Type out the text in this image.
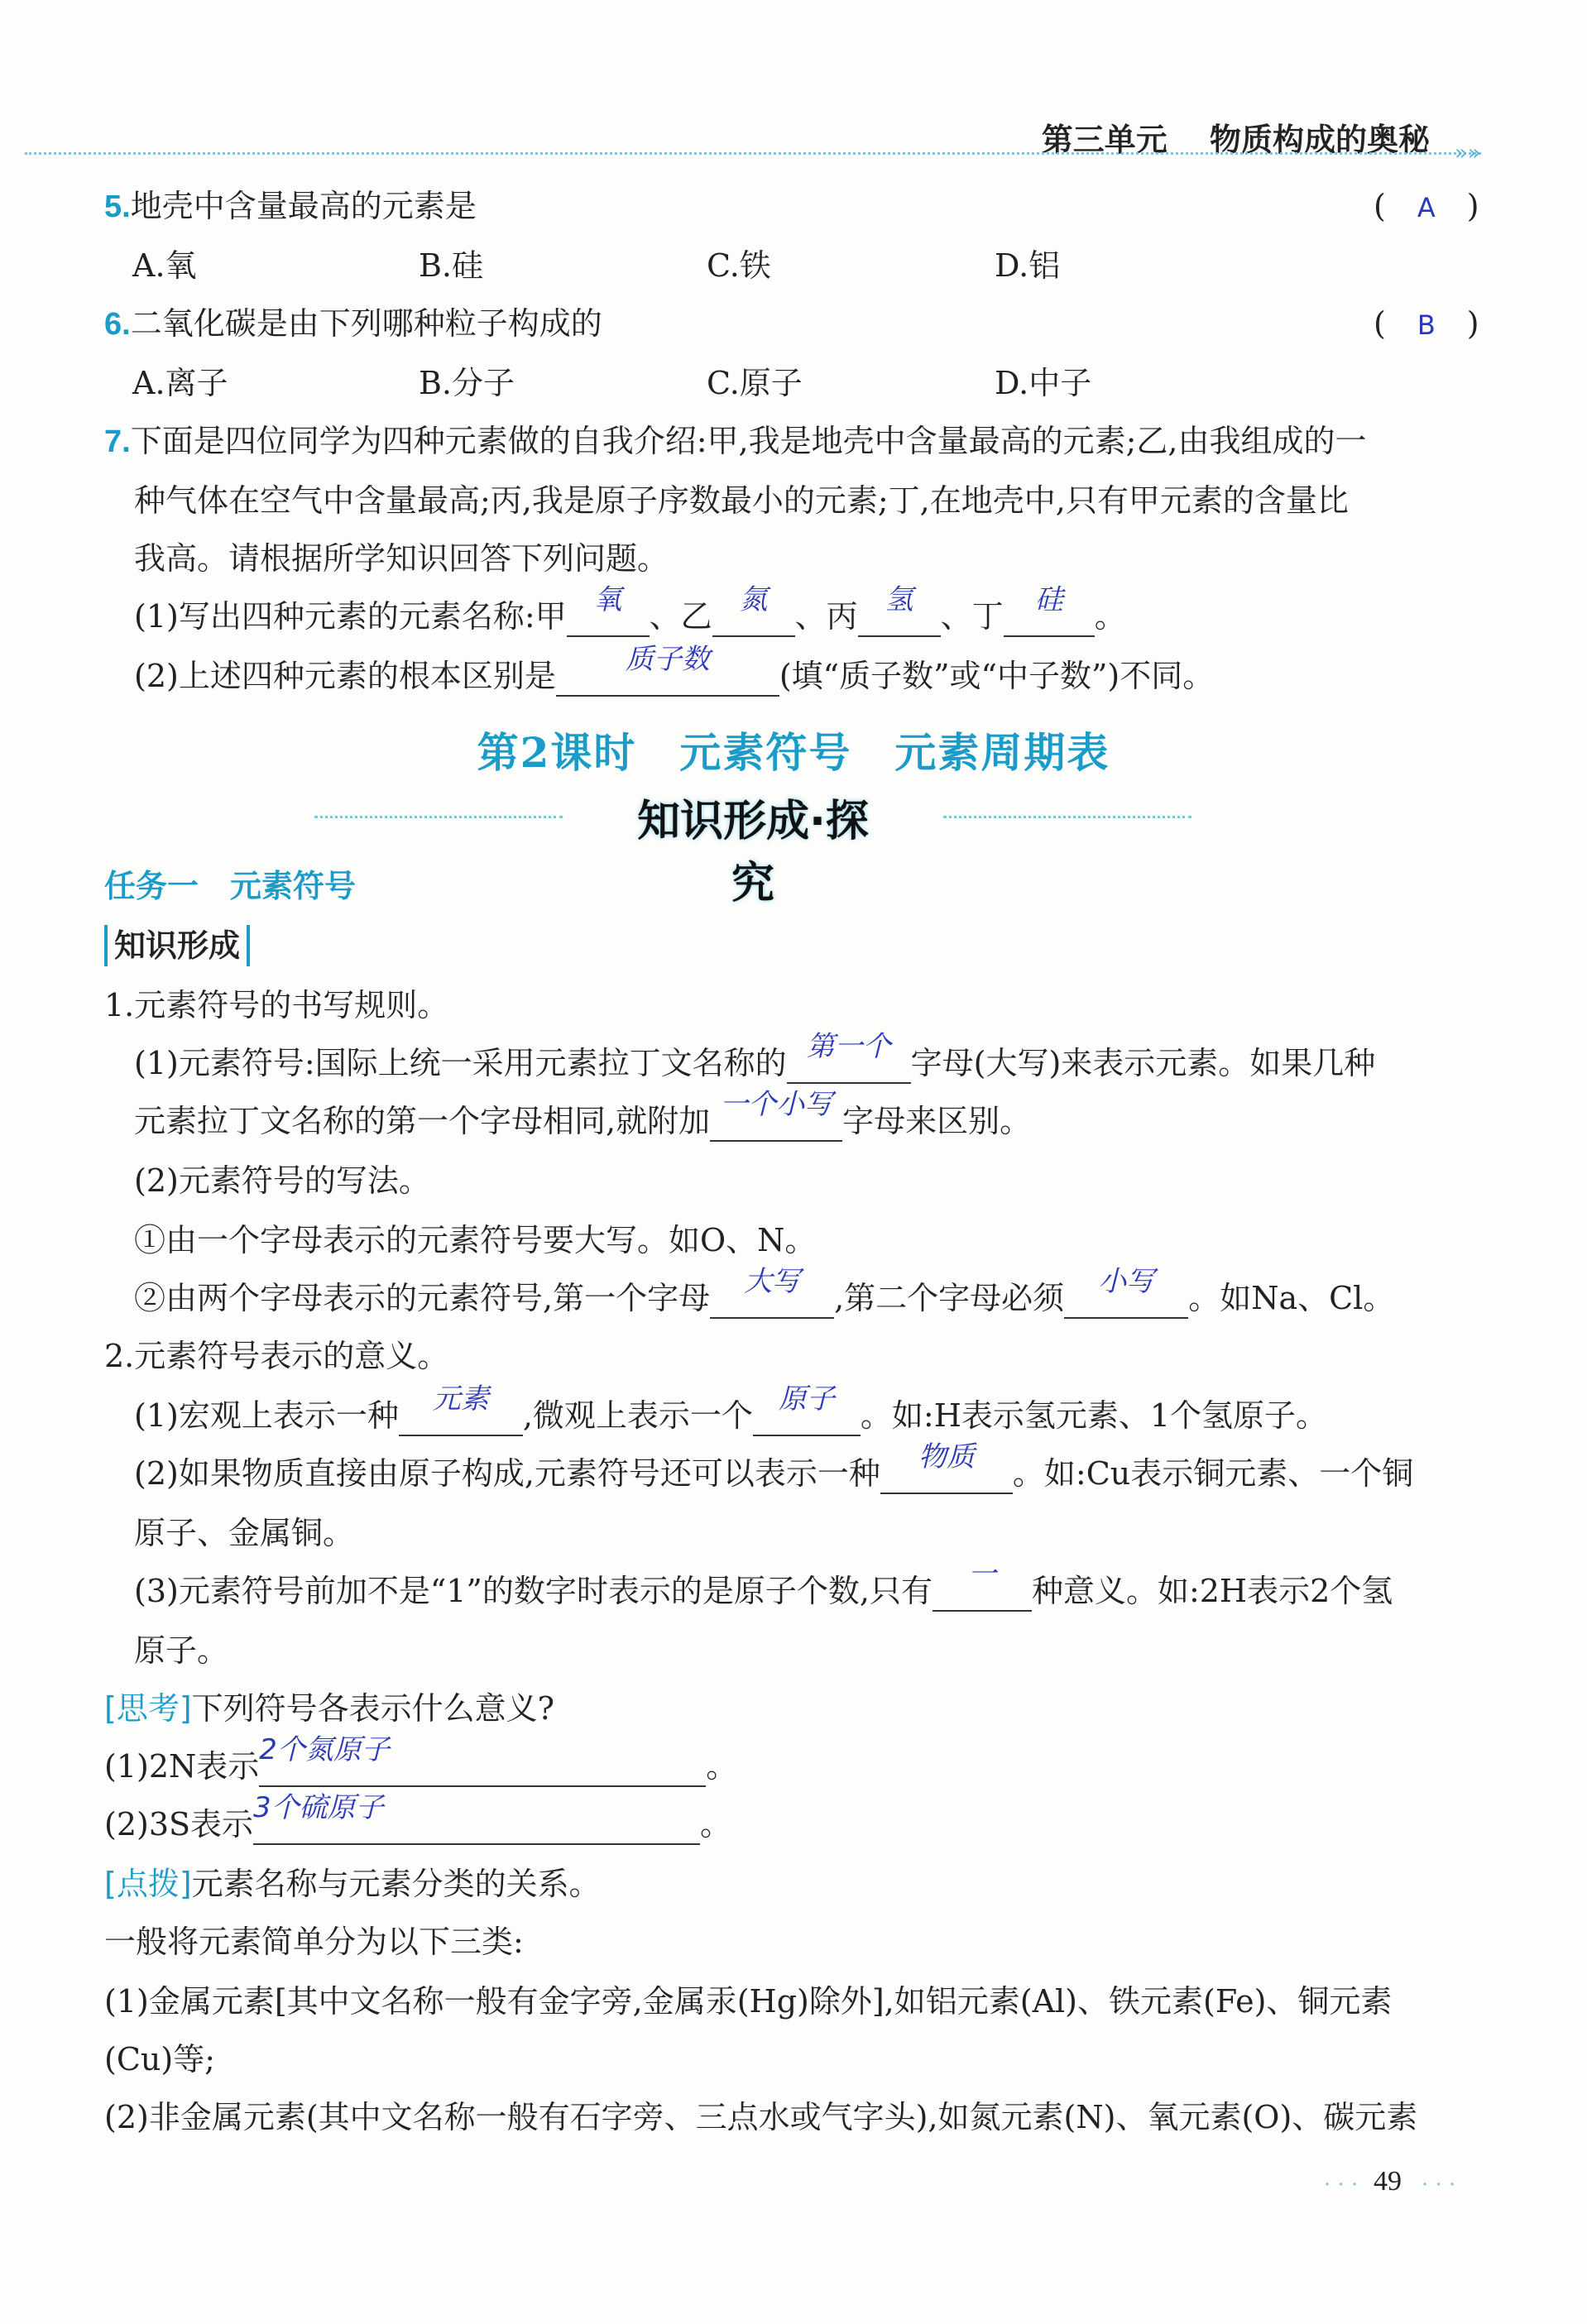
第三单元　 物质构成的奥秘 »»
5.地壳中含量最高的元素是	(　A　)
A.氧	B.硅	C.铁	D.铝
6.二氧化碳是由下列哪种粒子构成的	(　B　)
A.离子	B.分子	C.原子	D.中子
7.下面是四位同学为四种元素做的自我介绍:甲,我是地壳中含量最高的元素;乙,由我组成的一
种气体在空气中含量最高;丙,我是原子序数最小的元素;丁,在地壳中,只有甲元素的含量比
我高。请根据所学知识回答下列问题。
(1)写出四种元素的元素名称:甲 氧 、乙 氮 、丙 氢 、丁	硅	。
(2)上述四种元素的根本区别是	质子数	(填“质子数”或“中子数”)不同。
第2课时　元素符号　元素周期表
知识形成·探究
任务一　元素符号
知识形成
1.元素符号的书写规则。
(1)元素符号:国际上统一采用元素拉丁文名称的 第一个 字母(大写)来表示元素。如果几种
元素拉丁文名称的第一个字母相同,就附加 一个小写 字母来区别。
(2)元素符号的写法。
①由一个字母表示的元素符号要大写。如O、N。
②由两个字母表示的元素符号,第一个字母	大写	,第二个字母必须	小写	。如Na、Cl。
2.元素符号表示的意义。
(1)宏观上表示一种	元素	,微观上表示一个 原子 。如:H表示氢元素、1个氢原子。
(2)如果物质直接由原子构成,元素符号还可以表示一种	物质	。如:Cu表示铜元素、一个铜
原子、金属铜。
(3)元素符号前加不是“1”的数字时表示的是原子个数,只有	一	种意义。如:2H表示2个氢
原子。
[思考]下列符号各表示什么意义?
(1)2N表示 2个氮原子	。
(2)3S表示 3个硫原子	。
[点拨]元素名称与元素分类的关系。
一般将元素简单分为以下三类:
(1)金属元素[其中文名称一般有金字旁,金属汞(Hg)除外],如铝元素(Al)、铁元素(Fe)、铜元素
(Cu)等;
(2)非金属元素(其中文名称一般有石字旁、三点水或气字头),如氮元素(N)、氧元素(O)、碳元素
· · · 49 · · ·
